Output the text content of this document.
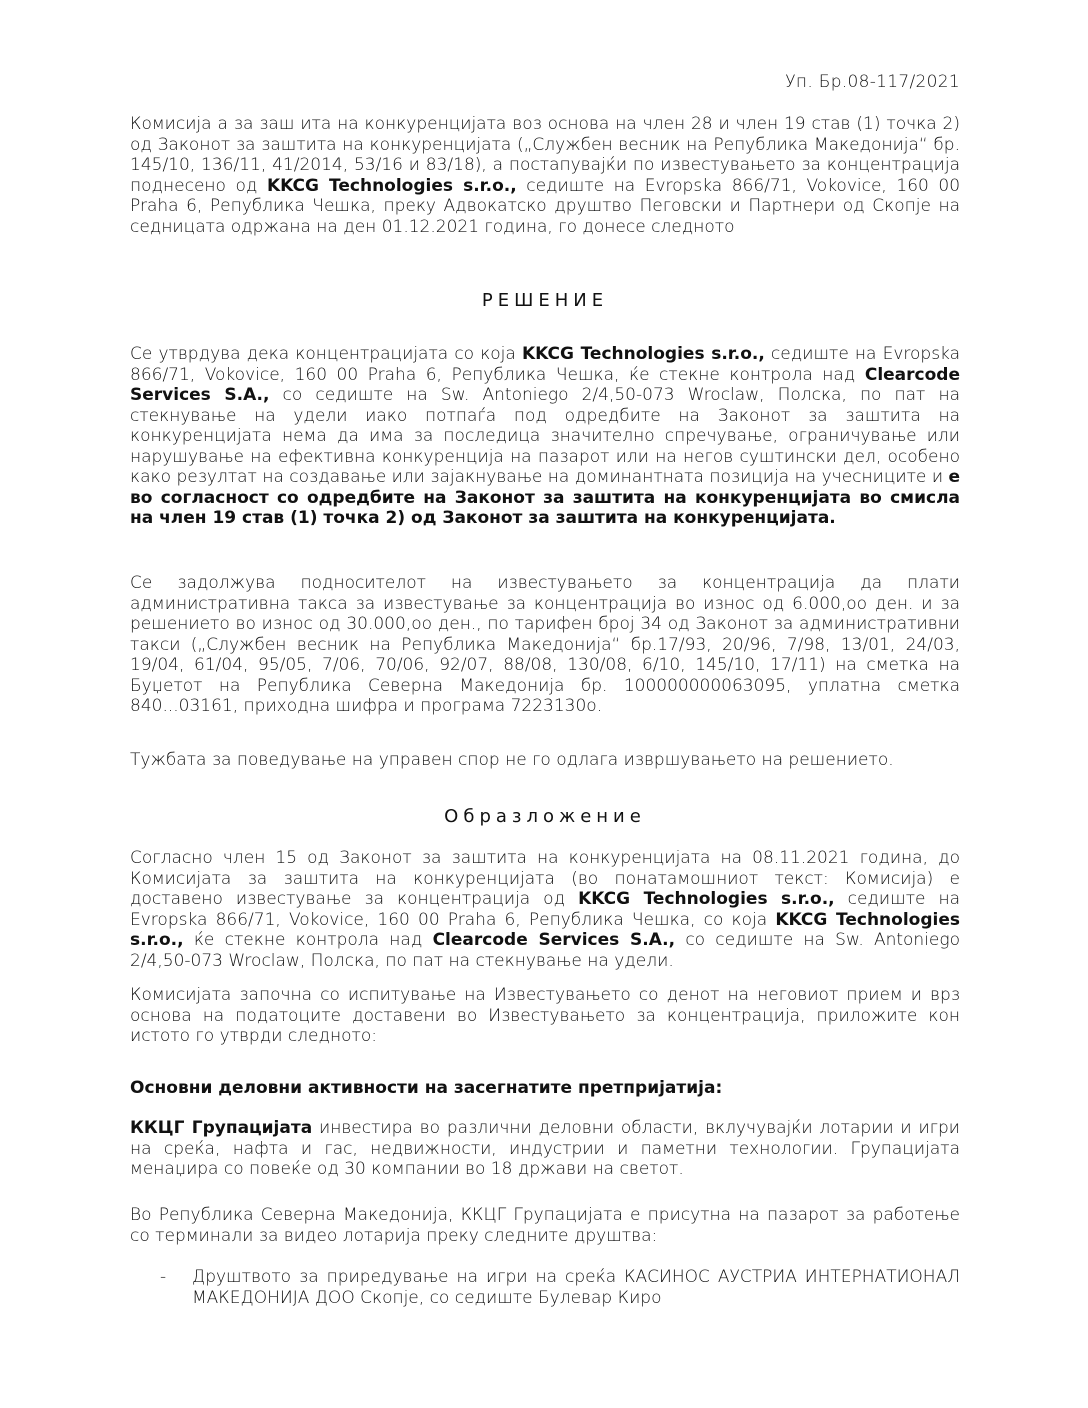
Уп. Бр.08-117/2021
Комисија а за заш ита на конкуренцијата воз основа на член 28 и член 19 став (1) точка 2) од Законот за заштита на конкуренцијата („Службен весник на Република Македонија“ бр. 145/10, 136/11, 41/2014, 53/16 и 83/18), а постапувајќи по известувањето за концентрација поднесено од KKCG Technologies s.r.o., седиште на Evropska 866/71, Vokovice, 160 00 Praha 6, Република Чешка, преку Адвокатско друштво Пеговски и Партнери од Скопје на седницата одржана на ден 01.12.2021 година, го донесе следното
РЕШЕНИЕ
Се утврдува дека концентрацијата со која KKCG Technologies s.r.o., седиште на Evropska 866/71, Vokovice, 160 00 Praha 6, Република Чешка, ќе стекне контрола над Clearcode Services S.A., со седиште на Sw. Antoniego 2/4,50-073 Wroclaw, Полска, по пат на стекнување на удели иако потпаѓа под одредбите на Законот за заштита на конкуренцијата нема да има за последица значително спречување, ограничување или нарушување на ефективна конкуренција на пазарот или на негов суштински дел, особено како резултат на создавање или зајакнување на доминантната позиција на учесниците и е во согласност со одредбите на Законот за заштита на конкуренцијата во смисла на член 19 став (1) точка 2) од Законот за заштита на конкуренцијата.
Се задолжува подносителот на известувањето за концентрација да плати административна такса за известување за концентрација во износ од 6.000,оо ден. и за решението во износ од 30.000,оо ден., по тарифен број 34 од Законот за административни такси („Службен весник на Република Македонија“ бр.17/93, 20/96, 7/98, 13/01, 24/03, 19/04, 61/04, 95/05, 7/06, 70/06, 92/07, 88/08, 130/08, 6/10, 145/10, 17/11) на сметка на Буџетот на Република Северна Македонија бр. 100000000063095, уплатна сметка 840...03161, приходна шифра и програма 7223130о.
Тужбата за поведување на управен спор не го одлага извршувањето на решението.
Образложение
Согласно член 15 од Законот за заштита на конкуренцијата на 08.11.2021 година, до Комисијата за заштита на конкуренцијата (во понатамошниот текст: Комисија) е доставено известување за концентрација од KKCG Technologies s.r.o., седиште на Evropska 866/71, Vokovice, 160 00 Praha 6, Република Чешка, со која KKCG Technologies s.r.o., ќе стекне контрола над Clearcode Services S.A., со седиште на Sw. Antoniego 2/4,50-073 Wroclaw, Полска, по пат на стекнување на удели.
Комисијата започна со испитување на Известувањето со денот на неговиот прием и врз основа на податоците доставени во Известувањето за концентрација, приложите кон истото го утврди следното:
Основни деловни активности на засегнатите претпријатија:
ККЦГ Групацијата инвестира во различни деловни области, вклучувајќи лотарии и игри на среќа, нафта и гас, недвижности, индустрии и паметни технологии. Групацијата менаџира со повеќе од 30 компании во 18 држави на светот.
Во Република Северна Македонија, ККЦГ Групацијата е присутна на пазарот за работење со терминали за видео лотарија преку следните друштва:
-	Друштвото за приредување на игри на среќа КАСИНОС АУСТРИА ИНТЕРНАТИОНАЛ МАКЕДОНИЈА ДОО Скопје, со седиште Булевар Киро
